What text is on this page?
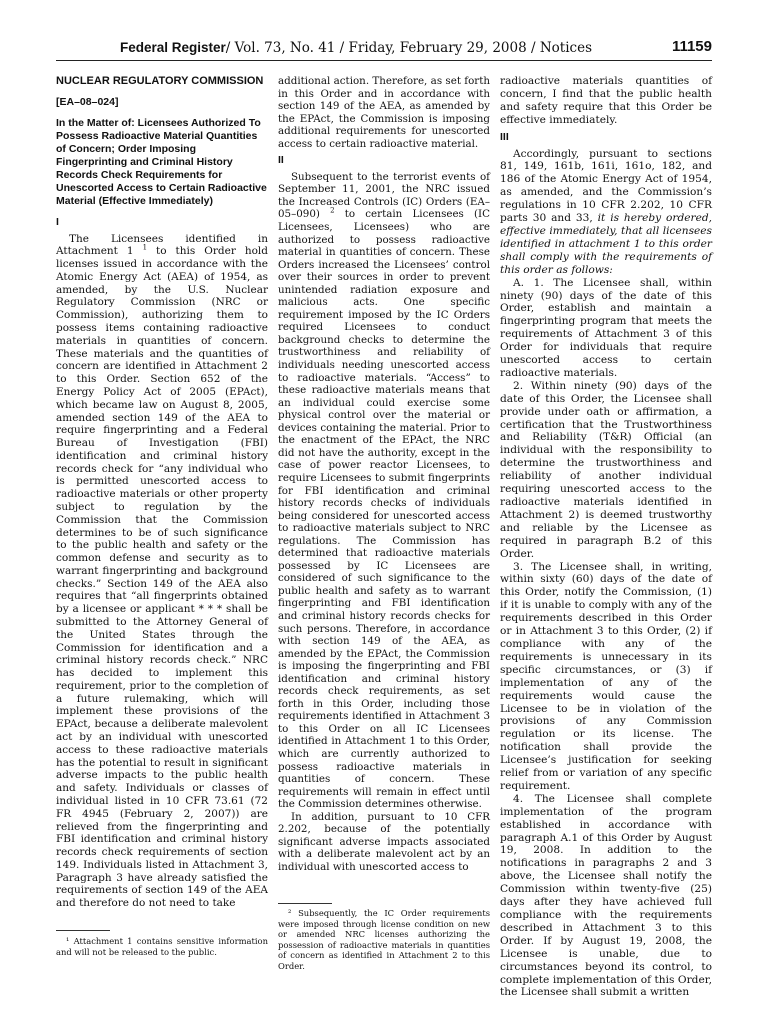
Federal Register/ Vol. 73, No. 41 / Friday, February 29, 2008 / Notices	11159
NUCLEAR REGULATORY COMMISSION
[EA–08–024]
In the Matter of: Licensees Authorized To Possess Radioactive Material Quantities of Concern; Order Imposing Fingerprinting and Criminal History Records Check Requirements for Unescorted Access to Certain Radioactive Material (Effective Immediately)
I

The Licensees identified in Attachment 1 $^1$ to this Order hold licenses issued in accordance with the Atomic Energy Act (AEA) of 1954, as amended, by the U.S. Nuclear Regulatory Commission (NRC or Commission), authorizing them to possess items containing radioactive materials in quantities of concern. These materials and the quantities of concern are identified in Attachment 2 to this Order. Section 652 of the Energy Policy Act of 2005 (EPAct), which became law on August 8, 2005, amended section 149 of the AEA to require fingerprinting and a Federal Bureau of Investigation (FBI) identification and criminal history records check for “any individual who is permitted unescorted access to radioactive materials or other property subject to regulation by the Commission that the Commission determines to be of such significance to the public health and safety or the common defense and security as to warrant fingerprinting and background checks.” Section 149 of the AEA also requires that “all fingerprints obtained by a licensee or applicant * * * shall be submitted to the Attorney General of the United States through the Commission for identification and a criminal history records check.” NRC has decided to implement this requirement, prior to the completion of a future rulemaking, which will implement these provisions of the EPAct, because a deliberate malevolent act by an individual with unescorted access to these radioactive materials has the potential to result in significant adverse impacts to the public health and safety. Individuals or classes of individual listed in 10 CFR 73.61 (72 FR 4945 (February 2, 2007)) are relieved from the fingerprinting and FBI identification and criminal history records check requirements of section 149. Individuals listed in Attachment 3, Paragraph 3 have already satisfied the requirements of section 149 of the AEA and therefore do not need to take

¹ Attachment 1 contains sensitive information and will not be released to the public.

additional action. Therefore, as set forth in this Order and in accordance with section 149 of the AEA, as amended by the EPAct, the Commission is imposing additional requirements for unescorted access to certain radioactive material.

II

Subsequent to the terrorist events of September 11, 2001, the NRC issued the Increased Controls (IC) Orders (EA–05–090) $^2$ to certain Licensees (IC Licensees, Licensees) who are authorized to possess radioactive material in quantities of concern. These Orders increased the Licensees’ control over their sources in order to prevent unintended radiation exposure and malicious acts. One specific requirement imposed by the IC Orders required Licensees to conduct background checks to determine the trustworthiness and reliability of individuals needing unescorted access to radioactive materials. “Access” to these radioactive materials means that an individual could exercise some physical control over the material or devices containing the material. Prior to the enactment of the EPAct, the NRC did not have the authority, except in the case of power reactor Licensees, to require Licensees to submit fingerprints for FBI identification and criminal history records checks of individuals being considered for unescorted access to radioactive materials subject to NRC regulations. The Commission has determined that radioactive materials possessed by IC Licensees are considered of such significance to the public health and safety as to warrant fingerprinting and FBI identification and criminal history records checks for such persons. Therefore, in accordance with section 149 of the AEA, as amended by the EPAct, the Commission is imposing the fingerprinting and FBI identification and criminal history records check requirements, as set forth in this Order, including those requirements identified in Attachment 3 to this Order on all IC Licensees identified in Attachment 1 to this Order, which are currently authorized to possess radioactive materials in quantities of concern. These requirements will remain in effect until the Commission determines otherwise.

In addition, pursuant to 10 CFR 2.202, because of the potentially significant adverse impacts associated with a deliberate malevolent act by an individual with unescorted access to

² Subsequently, the IC Order requirements were imposed through license condition on new or amended NRC licenses authorizing the possession of radioactive materials in quantities of concern as identified in Attachment 2 to this Order.

radioactive materials quantities of concern, I find that the public health and safety require that this Order be effective immediately.

III

Accordingly, pursuant to sections 81, 149, 161b, 161i, 161o, 182, and 186 of the Atomic Energy Act of 1954, as amended, and the Commission’s regulations in 10 CFR 2.202, 10 CFR parts 30 and 33, it is hereby ordered, effective immediately, that all licensees identified in attachment 1 to this order shall comply with the requirements of this order as follows:

A. 1. The Licensee shall, within ninety (90) days of the date of this Order, establish and maintain a fingerprinting program that meets the requirements of Attachment 3 of this Order for individuals that require unescorted access to certain radioactive materials.

2. Within ninety (90) days of the date of this Order, the Licensee shall provide under oath or affirmation, a certification that the Trustworthiness and Reliability (T&R) Official (an individual with the responsibility to determine the trustworthiness and reliability of another individual requiring unescorted access to the radioactive materials identified in Attachment 2) is deemed trustworthy and reliable by the Licensee as required in paragraph B.2 of this Order.

3. The Licensee shall, in writing, within sixty (60) days of the date of this Order, notify the Commission, (1) if it is unable to comply with any of the requirements described in this Order or in Attachment 3 to this Order, (2) if compliance with any of the requirements is unnecessary in its specific circumstances, or (3) if implementation of any of the requirements would cause the Licensee to be in violation of the provisions of any Commission regulation or its license. The notification shall provide the Licensee’s justification for seeking relief from or variation of any specific requirement.

4. The Licensee shall complete implementation of the program established in accordance with paragraph A.1 of this Order by August 19, 2008. In addition to the notifications in paragraphs 2 and 3 above, the Licensee shall notify the Commission within twenty-five (25) days after they have achieved full compliance with the requirements described in Attachment 3 to this Order. If by August 19, 2008, the Licensee is unable, due to circumstances beyond its control, to complete implementation of this Order, the Licensee shall submit a written
